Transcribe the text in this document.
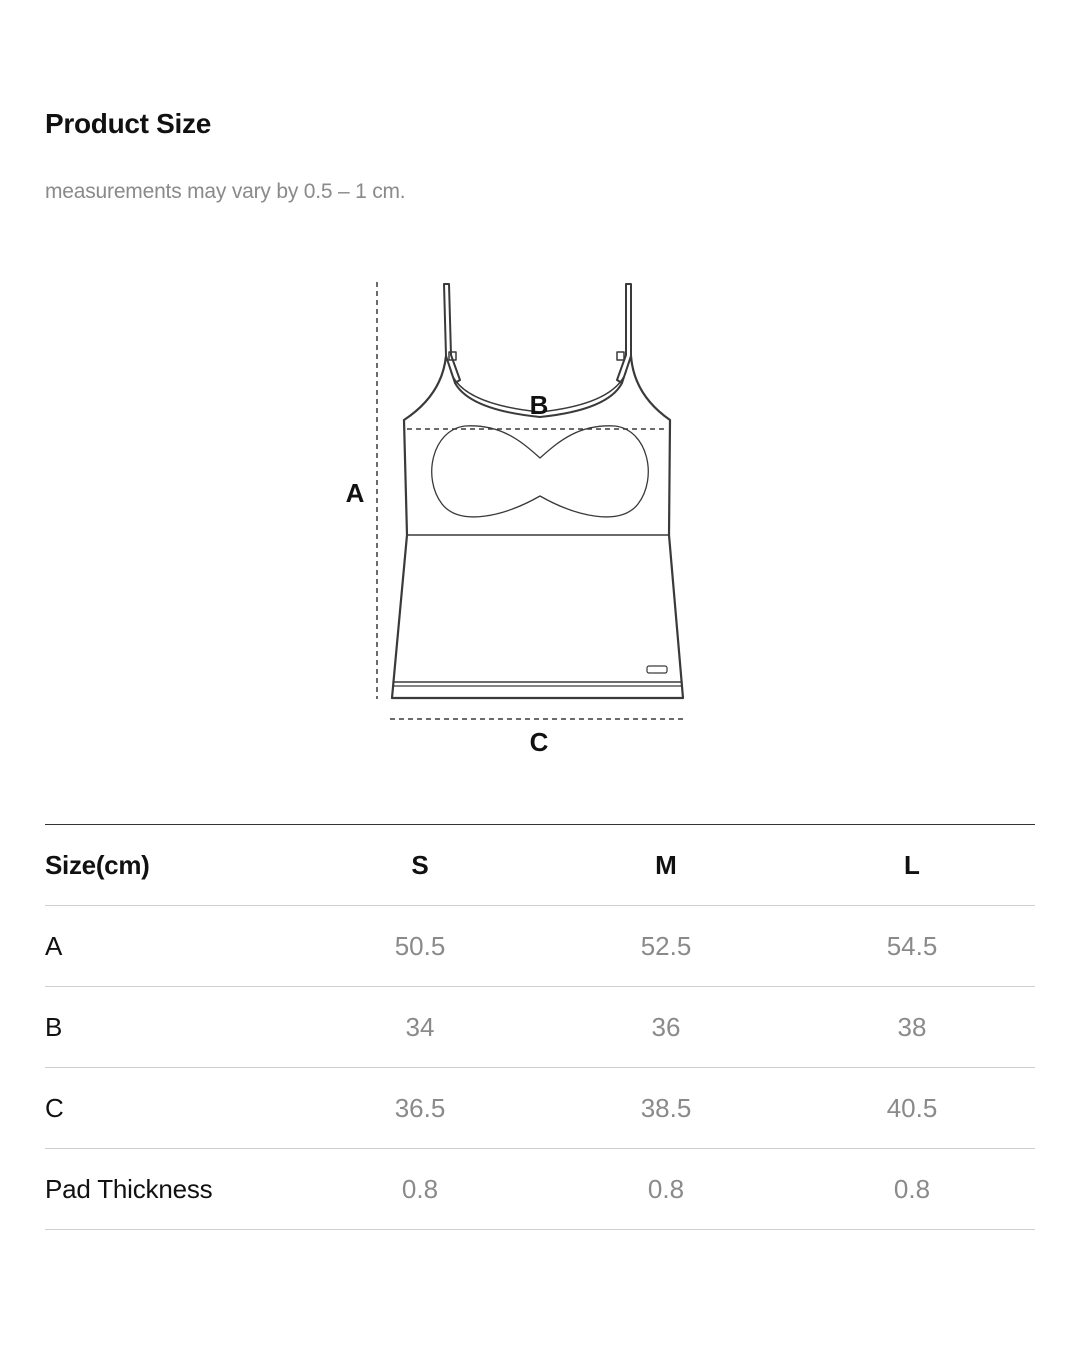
Product Size
measurements may vary by 0.5 – 1 cm.
A
B
C
Size(cm)	S	M	L
A	50.5	52.5	54.5
B	34	36	38
C	36.5	38.5	40.5
Pad Thickness	0.8	0.8	0.8
